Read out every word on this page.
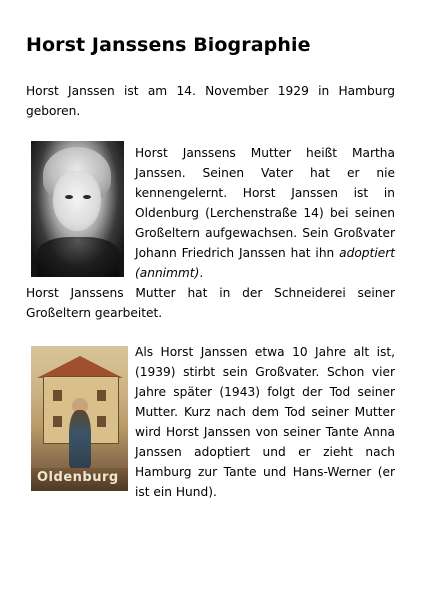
Horst Janssens Biographie

Horst Janssen ist am 14. November 1929 in Hamburg
geboren.

Horst Janssens Mutter heißt Martha
Janssen. Seinen Vater hat er nie
kennengelernt. Horst Janssen ist in
Oldenburg (Lerchenstraße 14) bei seinen
Großeltern aufgewachsen. Sein Großvater
Johann Friedrich Janssen hat ihn adoptiert
(annimmt).

Horst Janssens Mutter hat in der Schneiderei seiner
Großeltern gearbeitet.

Oldenburg

Als Horst Janssen etwa 10 Jahre alt ist,
(1939) stirbt sein Großvater. Schon vier
Jahre später (1943) folgt der Tod seiner
Mutter. Kurz nach dem Tod seiner Mutter
wird Horst Janssen von seiner Tante Anna
Janssen adoptiert und er zieht nach
Hamburg zur Tante und Hans-Werner (er
ist ein Hund).
